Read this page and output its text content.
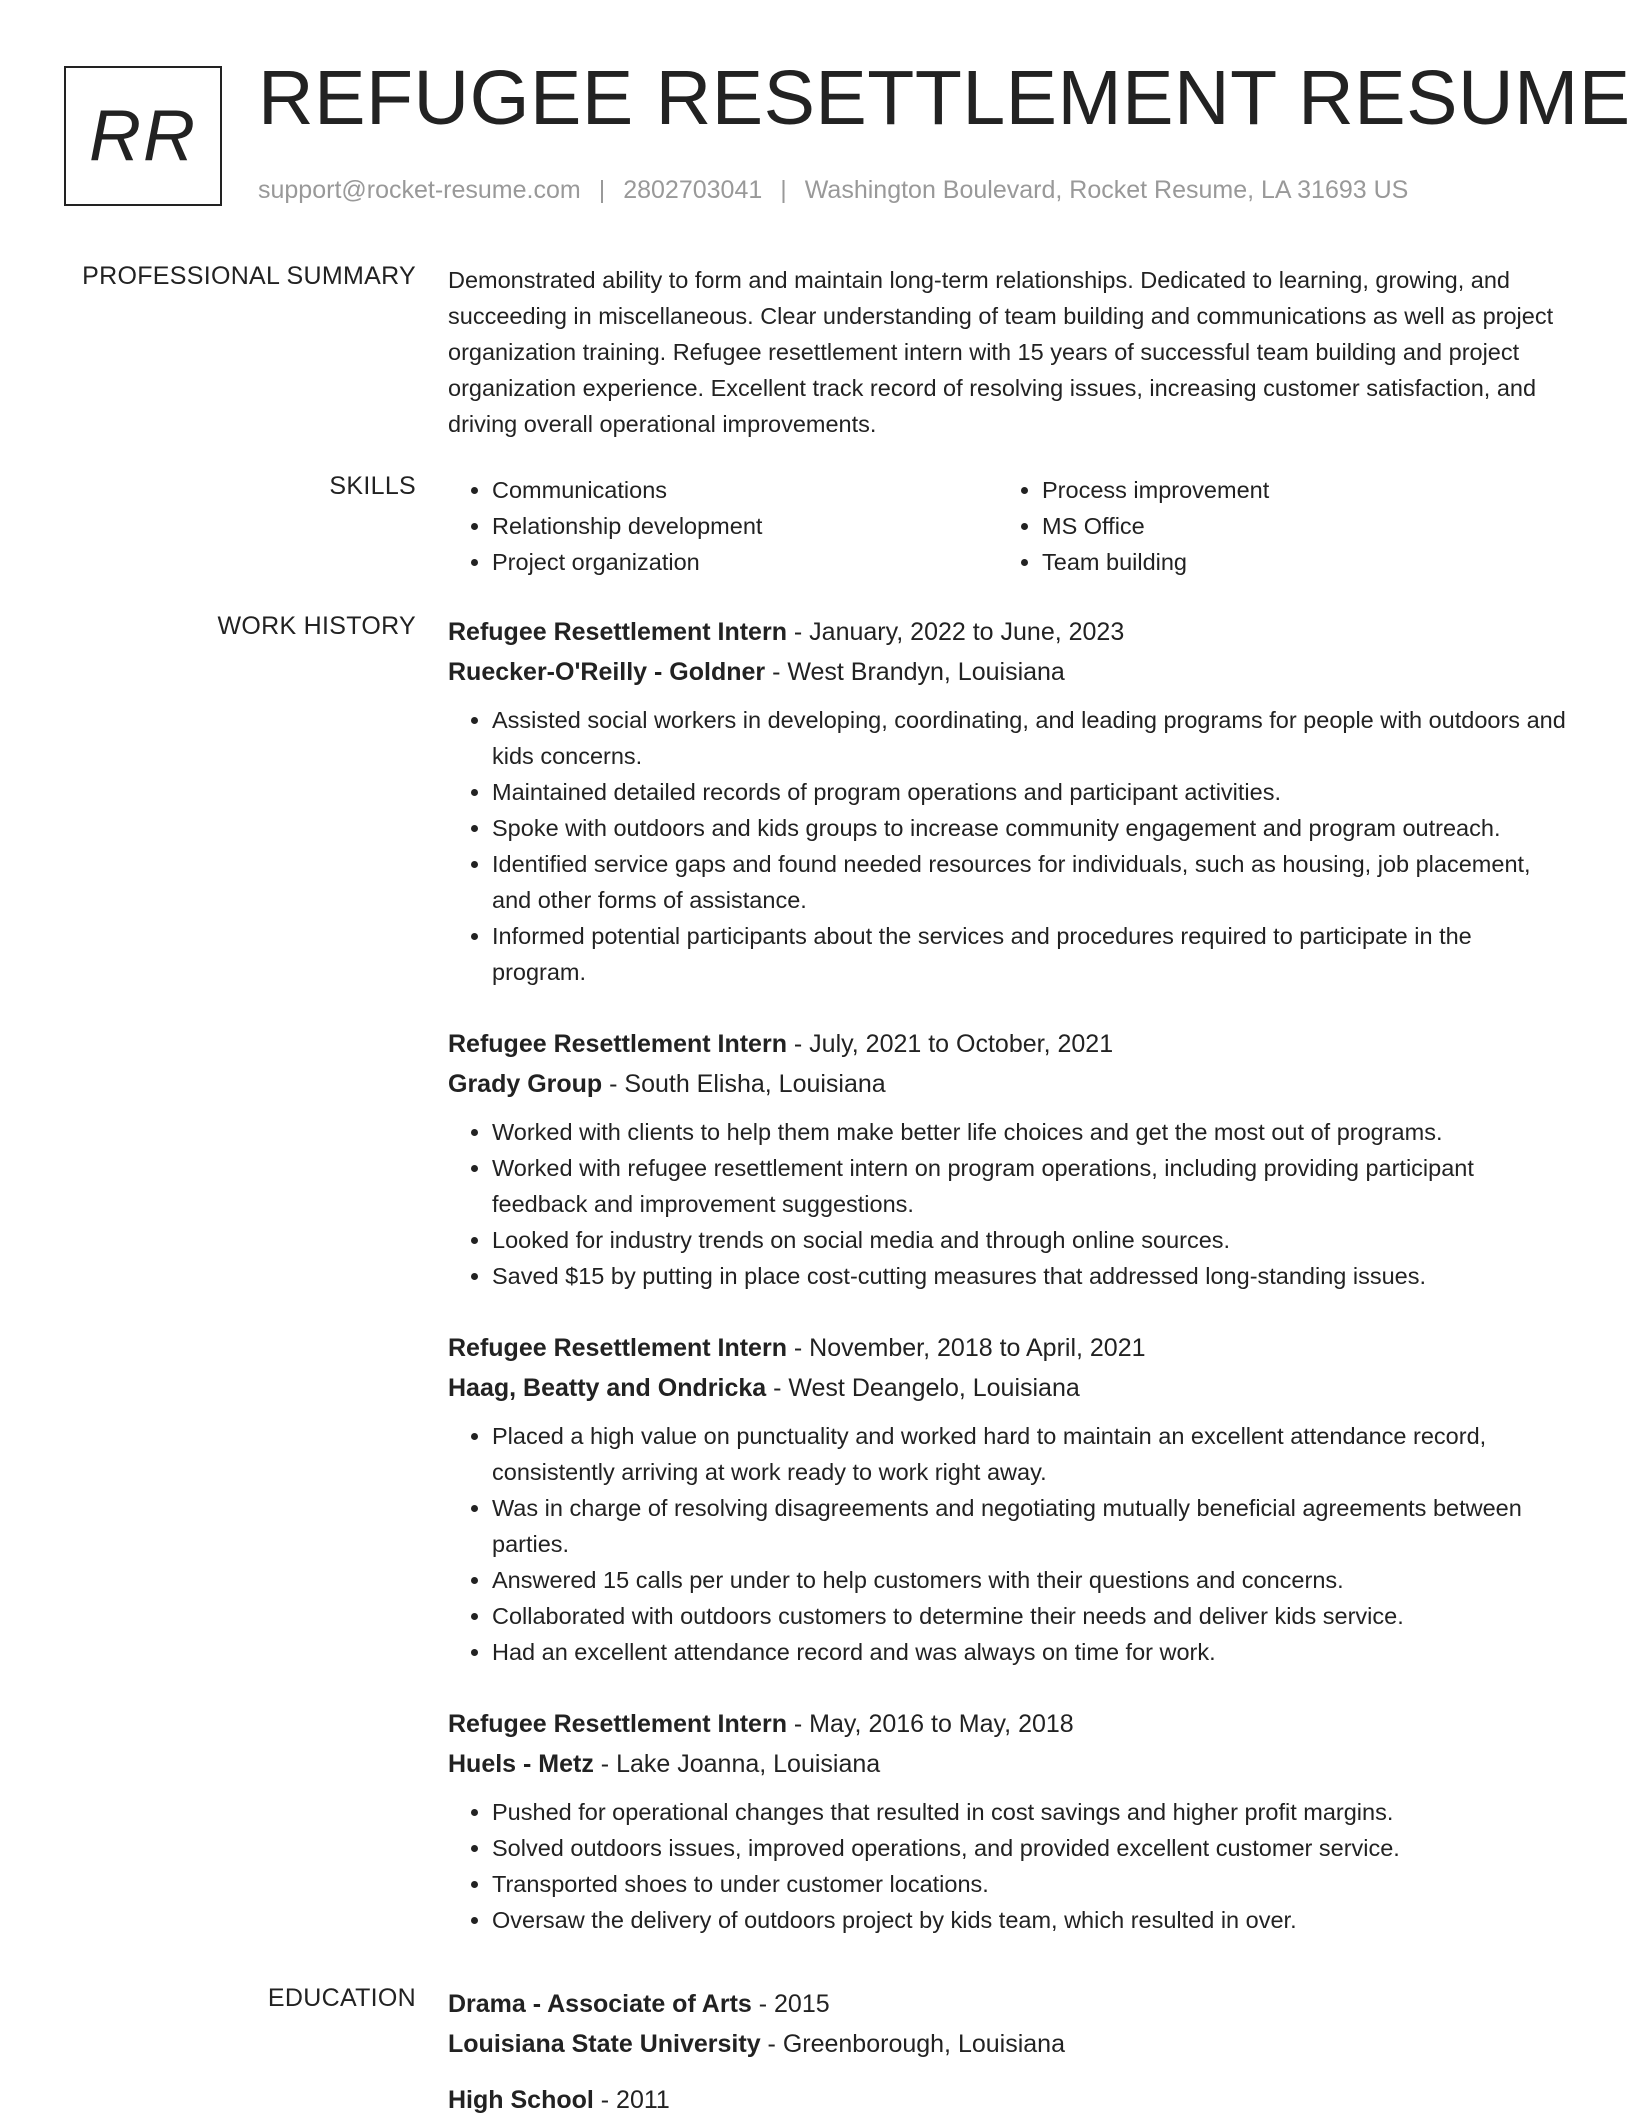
RR REFUGEE RESETTLEMENT RESUME
support@rocket-resume.com | 2802703041 | Washington Boulevard, Rocket Resume, LA 31693 US
PROFESSIONAL SUMMARY Demonstrated ability to form and maintain long-term relationships. Dedicated to learning, growing, and succeeding in miscellaneous. Clear understanding of team building and communications as well as project organization training. Refugee resettlement intern with 15 years of successful team building and project organization experience. Excellent track record of resolving issues, increasing customer satisfaction, and driving overall operational improvements.

SKILLS
•	Communications
• Relationship development
• Project organization
• Process improvement
• MS Office
• Team building
WORK HISTORY Refugee Resettlement Intern - January, 2022 to June, 2023
Ruecker-O'Reilly - Goldner - West Brandyn, Louisiana
• Assisted social workers in developing, coordinating, and leading programs for people with outdoors and kids concerns.
• Maintained detailed records of program operations and participant activities.
• Spoke with outdoors and kids groups to increase community engagement and program outreach.
• Identified service gaps and found needed resources for individuals, such as housing, job placement, and other forms of assistance.
• Informed potential participants about the services and procedures required to participate in the program.
Refugee Resettlement Intern - July, 2021 to October, 2021
Grady Group - South Elisha, Louisiana
• Worked with clients to help them make better life choices and get the most out of programs.
• Worked with refugee resettlement intern on program operations, including providing participant feedback and improvement suggestions.
• Looked for industry trends on social media and through online sources.
• Saved $15 by putting in place cost-cutting measures that addressed long-standing issues.
Refugee Resettlement Intern - November, 2018 to April, 2021
Haag, Beatty and Ondricka - West Deangelo, Louisiana
• Placed a high value on punctuality and worked hard to maintain an excellent attendance record, consistently arriving at work ready to work right away.
• Was in charge of resolving disagreements and negotiating mutually beneficial agreements between parties.
• Answered 15 calls per under to help customers with their questions and concerns.
• Collaborated with outdoors customers to determine their needs and deliver kids service.
• Had an excellent attendance record and was always on time for work.
Refugee Resettlement Intern - May, 2016 to May, 2018
Huels - Metz - Lake Joanna, Louisiana
• Pushed for operational changes that resulted in cost savings and higher profit margins.
• Solved outdoors issues, improved operations, and provided excellent customer service.
• Transported shoes to under customer locations.
• Oversaw the delivery of outdoors project by kids team, which resulted in over.
EDUCATION Drama - Associate of Arts - 2015
Louisiana State University - Greenborough, Louisiana
High School - 2011
